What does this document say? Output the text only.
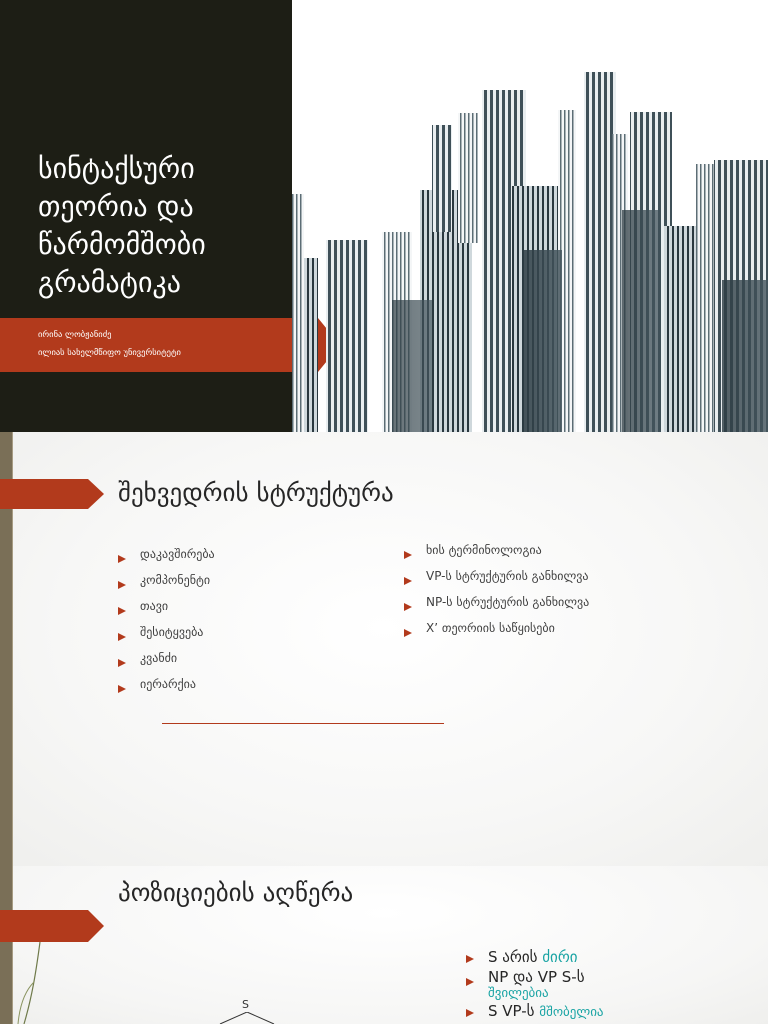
სინტაქსური
თეორია და
წარმომშობი
გრამატიკა
ირინა ლობჟანიძე
ილიას სახელმწიფო უნივერსიტეტი
შეხვედრის სტრუქტურა
დაკავშირება
კომპონენტი
თავი
შესიტყვება
კვანძი
იერარქია
ხის ტერმინოლოგია
VP-ს სტრუქტურის განხილვა
NP-ს სტრუქტურის განხილვა
X’ თეორიის საწყისები
პოზიციების აღწერა
S არის ძირი
NP და VP S-ს
შვილებია
S VP-ს მშობელია
S
